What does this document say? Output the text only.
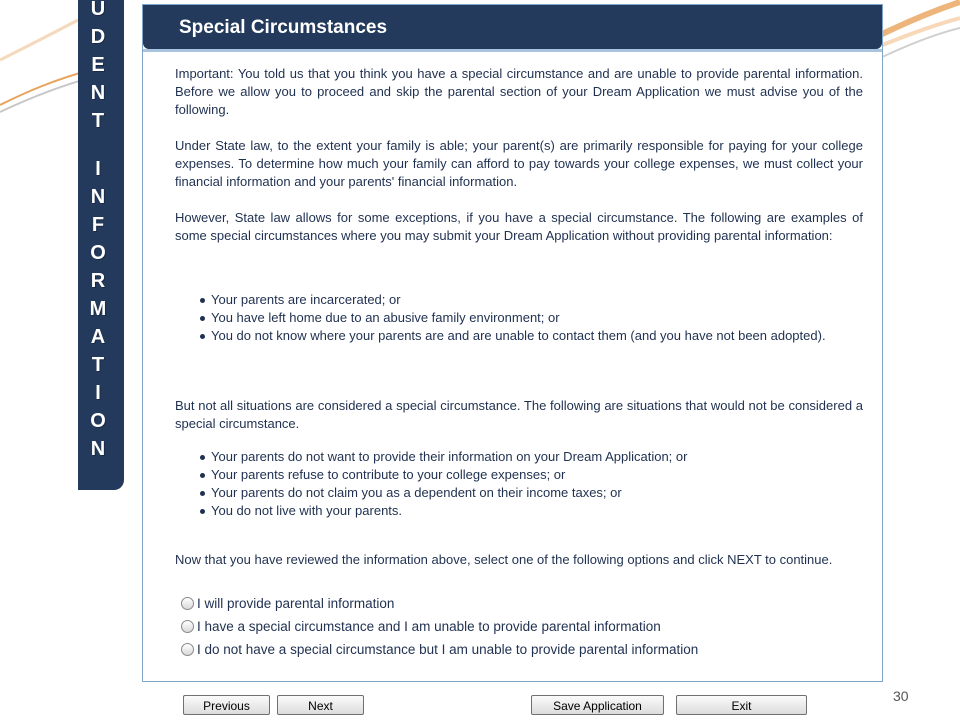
U
D
E
N
T
I
N
F
O
R
M
A
T
I
O
N
Special Circumstances

Important: You told us that you think you have a special circumstance and are unable to provide parental information. Before we allow you to proceed and skip the parental section of your Dream Application we must advise you of the following.

Under State law, to the extent your family is able; your parent(s) are primarily responsible for paying for your college expenses. To determine how much your family can afford to pay towards your college expenses, we must collect your financial information and your parents' financial information.

However, State law allows for some exceptions, if you have a special circumstance. The following are examples of some special circumstances where you may submit your Dream Application without providing parental information:

Your parents are incarcerated; or
You have left home due to an abusive family environment; or
You do not know where your parents are and are unable to contact them (and you have not been adopted).

But not all situations are considered a special circumstance. The following are situations that would not be considered a special circumstance.

Your parents do not want to provide their information on your Dream Application; or
Your parents refuse to contribute to your college expenses; or
Your parents do not claim you as a dependent on their income taxes; or
You do not live with your parents.

Now that you have reviewed the information above, select one of the following options and click NEXT to continue.

I will provide parental information
I have a special circumstance and I am unable to provide parental information
I do not have a special circumstance but I am unable to provide parental information
Previous	Next	Save Application	Exit
30
